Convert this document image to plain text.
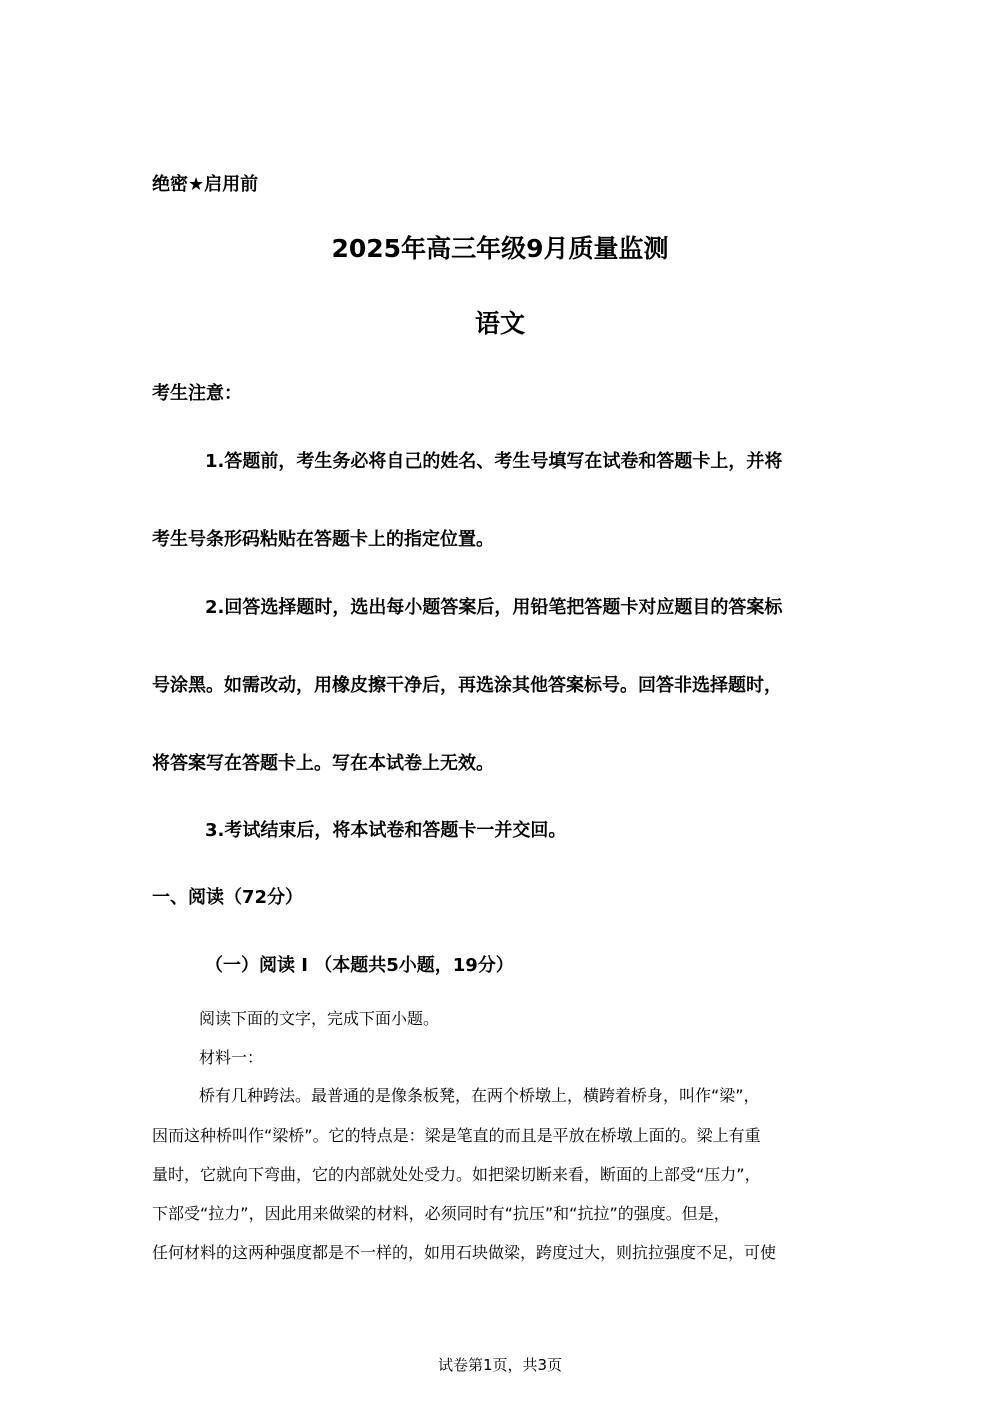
绝密★启用前
2025年高三年级9月质量监测
语文
考生注意：
1.答题前，考生务必将自己的姓名、考生号填写在试卷和答题卡上，并将
考生号条形码粘贴在答题卡上的指定位置。
2.回答选择题时，选出每小题答案后，用铅笔把答题卡对应题目的答案标
号涂黑。如需改动，用橡皮擦干净后，再选涂其他答案标号。回答非选择题时，
将答案写在答题卡上。写在本试卷上无效。
3.考试结束后，将本试卷和答题卡一并交回。
一、阅读（72分）
（一）阅读 I （本题共5小题，19分）
阅读下面的文字，完成下面小题。
材料一：
桥有几种跨法。最普通的是像条板凳，在两个桥墩上，横跨着桥身，叫作“梁”，
因而这种桥叫作“梁桥”。它的特点是：梁是笔直的而且是平放在桥墩上面的。梁上有重
量时，它就向下弯曲，它的内部就处处受力。如把梁切断来看，断面的上部受“压力”，
下部受“拉力”，因此用来做梁的材料，必须同时有“抗压”和“抗拉”的强度。但是，
任何材料的这两种强度都是不一样的，如用石块做梁，跨度过大，则抗拉强度不足，可使
试卷第1页，共3页
